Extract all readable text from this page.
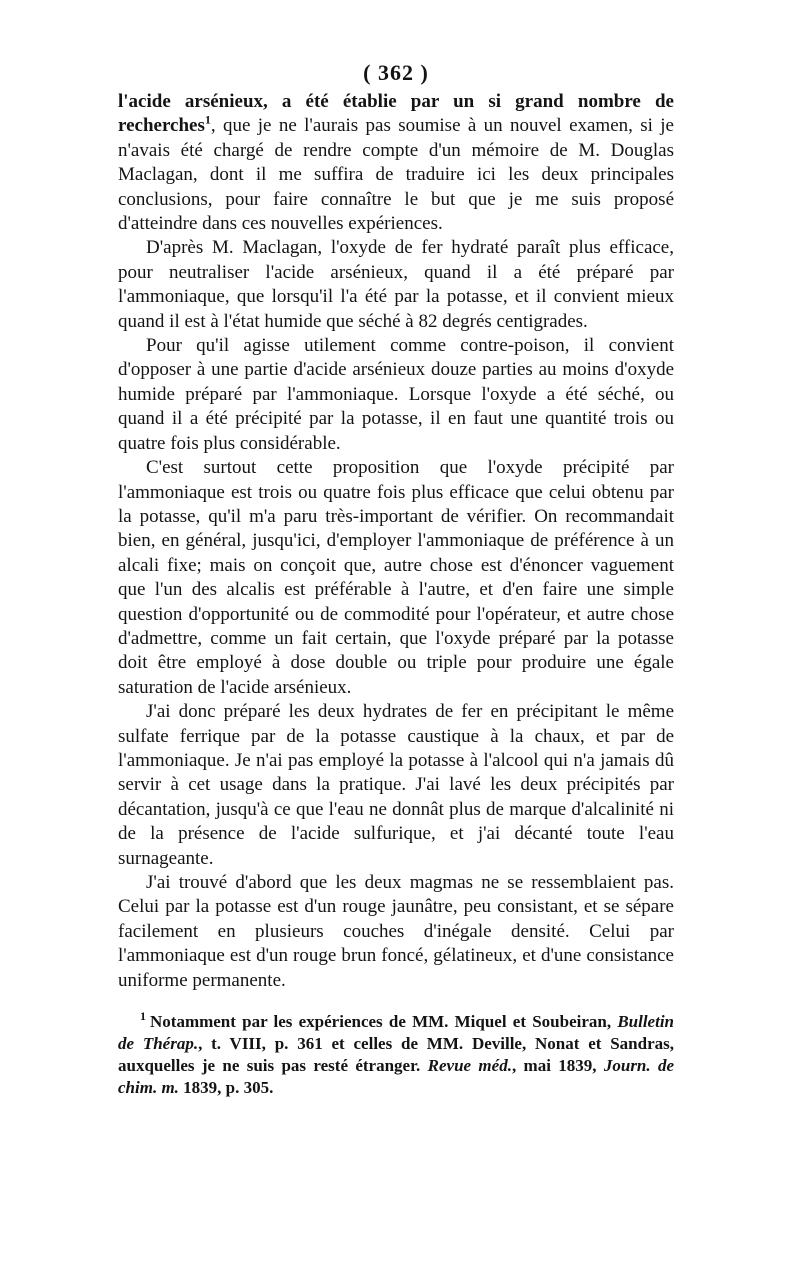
( 362 )

l'acide arsénieux, a été établie par un si grand nombre de recherches$^1$, que je ne l'aurais pas soumise à un nouvel examen, si je n'avais été chargé de rendre compte d'un mémoire de M. Douglas Maclagan, dont il me suffira de traduire ici les deux principales conclusions, pour faire connaître le but que je me suis proposé d'atteindre dans ces nouvelles expériences.

D'après M. Maclagan, l'oxyde de fer hydraté paraît plus efficace, pour neutraliser l'acide arsénieux, quand il a été préparé par l'ammoniaque, que lorsqu'il l'a été par la potasse, et il convient mieux quand il est à l'état humide que séché à 82 degrés centigrades.

Pour qu'il agisse utilement comme contre-poison, il convient d'opposer à une partie d'acide arsénieux douze parties au moins d'oxyde humide préparé par l'ammoniaque. Lorsque l'oxyde a été séché, ou quand il a été précipité par la potasse, il en faut une quantité trois ou quatre fois plus considérable.

C'est surtout cette proposition que l'oxyde précipité par l'ammoniaque est trois ou quatre fois plus efficace que celui obtenu par la potasse, qu'il m'a paru très-important de vérifier. On recommandait bien, en général, jusqu'ici, d'employer l'ammoniaque de préférence à un alcali fixe; mais on conçoit que, autre chose est d'énoncer vaguement que l'un des alcalis est préférable à l'autre, et d'en faire une simple question d'opportunité ou de commodité pour l'opérateur, et autre chose d'admettre, comme un fait certain, que l'oxyde préparé par la potasse doit être employé à dose double ou triple pour produire une égale saturation de l'acide arsénieux.

J'ai donc préparé les deux hydrates de fer en précipitant le même sulfate ferrique par de la potasse caustique à la chaux, et par de l'ammoniaque. Je n'ai pas employé la potasse à l'alcool qui n'a jamais dû servir à cet usage dans la pratique. J'ai lavé les deux précipités par décantation, jusqu'à ce que l'eau ne donnât plus de marque d'alcalinité ni de la présence de l'acide sulfurique, et j'ai décanté toute l'eau surnageante.

J'ai trouvé d'abord que les deux magmas ne se ressemblaient pas. Celui par la potasse est d'un rouge jaunâtre, peu consistant, et se sépare facilement en plusieurs couches d'inégale densité. Celui par l'ammoniaque est d'un rouge brun foncé, gélatineux, et d'une consistance uniforme permanente.

$^1$ Notamment par les expériences de MM. Miquel et Soubeiran, Bulletin de Thérap., t. VIII, p. 361 et celles de MM. Deville, Nonat et Sandras, auxquelles je ne suis pas resté étranger. Revue méd., mai 1839, Journ. de chim. m. 1839, p. 305.
